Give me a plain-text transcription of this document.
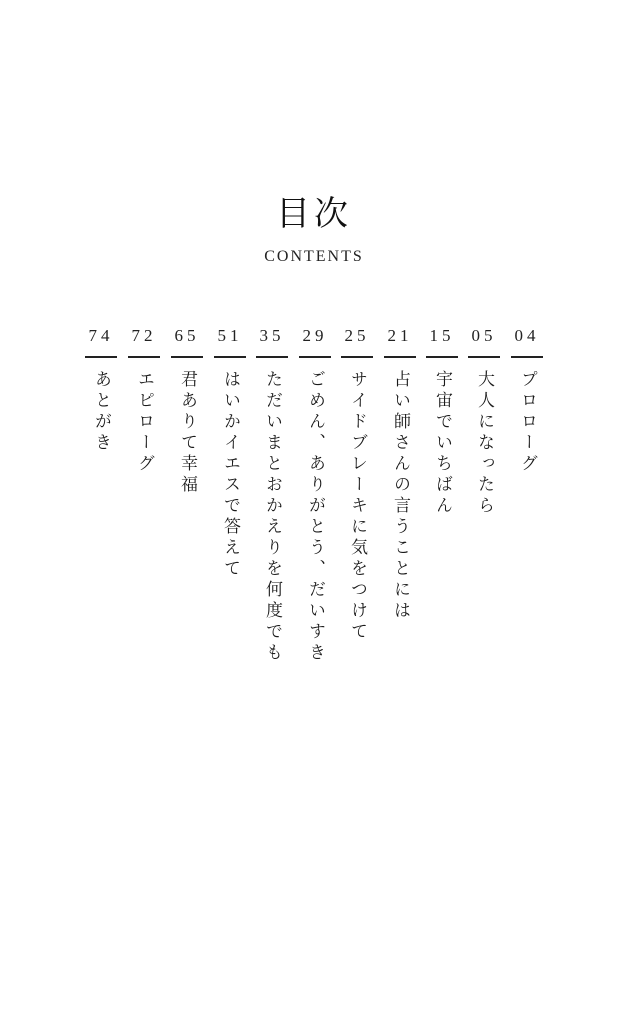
目次
CONTENTS
04
プロローグ
05
大人になったら
15
宇宙でいちばん
21
占い師さんの言うことには
25
サイドブレーキに気をつけて
29
ごめん、ありがとう、だいすき
35
ただいまとおかえりを何度でも
51
はいかイエスで答えて
65
君ありて幸福
72
エピローグ
74
あとがき
